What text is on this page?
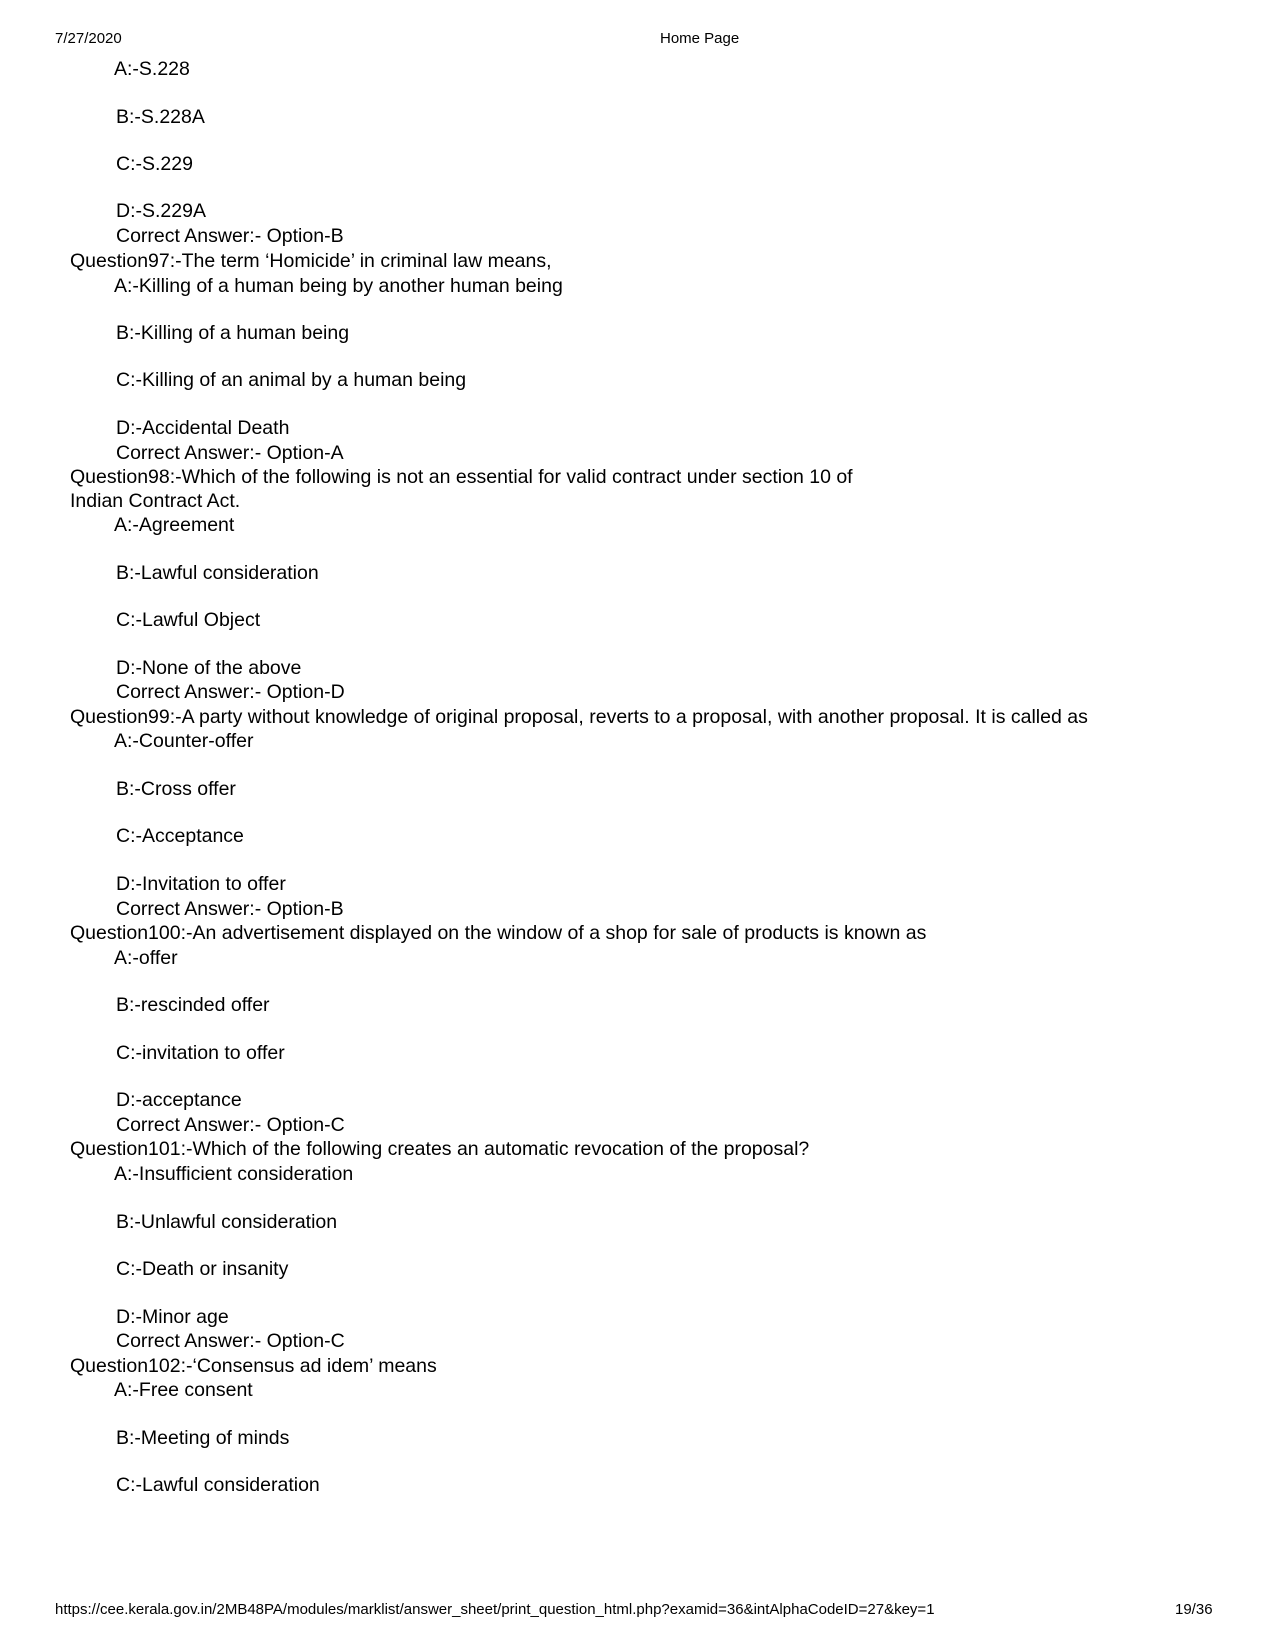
7/27/2020	Home Page
A:-S.228
B:-S.228A
C:-S.229
D:-S.229A
Correct Answer:- Option-B
Question97:-The term ‘Homicide’ in criminal law means,
A:-Killing of a human being by another human being
B:-Killing of a human being
C:-Killing of an animal by a human being
D:-Accidental Death
Correct Answer:- Option-A
Question98:-Which of the following is not an essential for valid contract under section 10 of
Indian Contract Act.
A:-Agreement
B:-Lawful consideration
C:-Lawful Object
D:-None of the above
Correct Answer:- Option-D
Question99:-A party without knowledge of original proposal, reverts to a proposal, with another proposal. It is called as
A:-Counter-offer
B:-Cross offer
C:-Acceptance
D:-Invitation to offer
Correct Answer:- Option-B
Question100:-An advertisement displayed on the window of a shop for sale of products is known as
A:-offer
B:-rescinded offer
C:-invitation to offer
D:-acceptance
Correct Answer:- Option-C
Question101:-Which of the following creates an automatic revocation of the proposal?
A:-Insufficient consideration
B:-Unlawful consideration
C:-Death or insanity
D:-Minor age
Correct Answer:- Option-C
Question102:-‘Consensus ad idem’ means
A:-Free consent
B:-Meeting of minds
C:-Lawful consideration
https://cee.kerala.gov.in/2MB48PA/modules/marklist/answer_sheet/print_question_html.php?examid=36&intAlphaCodeID=27&key=1	19/36
